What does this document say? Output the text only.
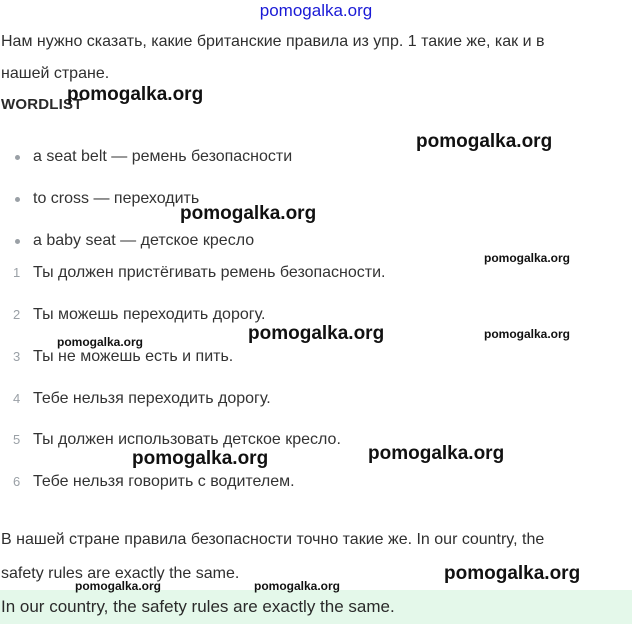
pomogalka.org
Нам нужно сказать, какие британские правила из упр. 1 такие же, как и в
нашей стране.
WORDLIST
a seat belt — ремень безопасности
to cross — переходить
a baby seat — детское кресло
1 Ты должен пристёгивать ремень безопасности.
2 Ты можешь переходить дорогу.
3 Ты не можешь есть и пить.
4 Тебе нельзя переходить дорогу.
5 Ты должен использовать детское кресло.
6 Тебе нельзя говорить с водителем.
В нашей стране правила безопасности точно такие же. In our country, the
safety rules are exactly the same.
In our country, the safety rules are exactly the same.
pomogalka.org
pomogalka.org
pomogalka.org
pomogalka.org
pomogalka.org	pomogalka.org
pomogalka.org
pomogalka.org
pomogalka.org
pomogalka.org
pomogalka.org	pomogalka.org
